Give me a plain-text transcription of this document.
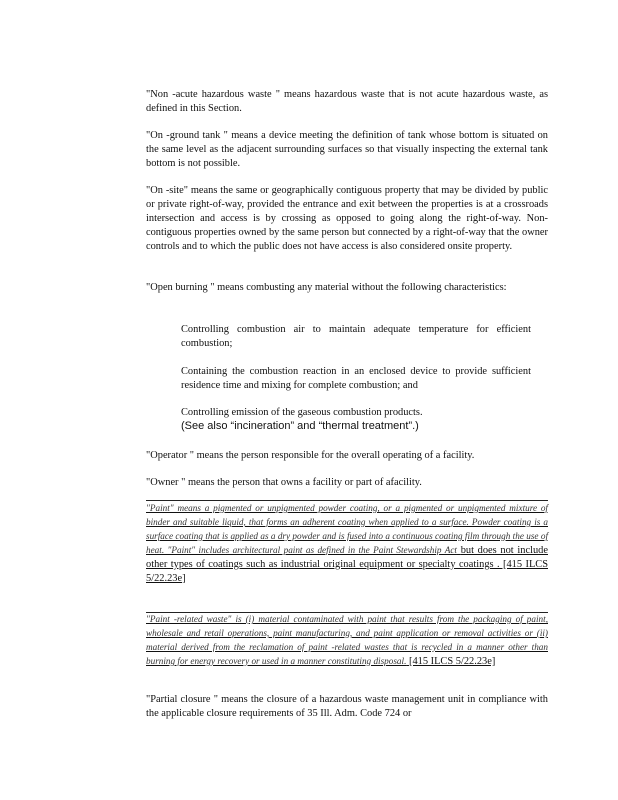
"Non -acute hazardous waste " means hazardous waste that is not acute hazardous waste, as defined in this Section.

"On -ground tank " means a device meeting the definition of tank whose bottom is situated on the same level as the adjacent surrounding surfaces so that visually inspecting the external tank bottom is not possible.

"On -site" means the same or geographically contiguous property that may be divided by public or private right-of-way, provided the entrance and exit between the properties is at a crossroads intersection and access is by crossing as opposed to going along the right-of-way. Non-contiguous properties owned by the same person but connected by a right-of-way that the owner controls and to which the public does not have access is also considered onsite property.

"Open burning " means combusting any material without the following characteristics:

Controlling combustion air to maintain adequate temperature for efficient combustion;

Containing the combustion reaction in an enclosed device to provide sufficient residence time and mixing for complete combustion; and

Controlling emission of the gaseous combustion products.

(See also “incineration” and “thermal treatment”.)

"Operator " means the person responsible for the overall operating of a facility.

"Owner " means the person that owns a facility or part of afacility.

"Paint" means a pigmented or unpigmented powder coating, or a pigmented or unpigmented mixture of binder and suitable liquid, that forms an adherent coating when applied to a surface. Powder coating is a surface coating that is applied as a dry powder and is fused into a continuous coating film through the use of heat. "Paint" includes architectural paint as defined in the Paint Stewardship Act but does not include other types of coatings such as industrial original equipment or specialty coatings . [415 ILCS 5/22.23e]

"Paint -related waste" is (i) material contaminated with paint that results from the packaging of paint, wholesale and retail operations, paint manufacturing, and paint application or removal activities or (ii) material derived from the reclamation of paint -related wastes that is recycled in a manner other than burning for energy recovery or used in a manner constituting disposal. [415 ILCS 5/22.23e]

"Partial closure " means the closure of a hazardous waste management unit in compliance with the applicable closure requirements of 35 Ill. Adm. Code 724 or
